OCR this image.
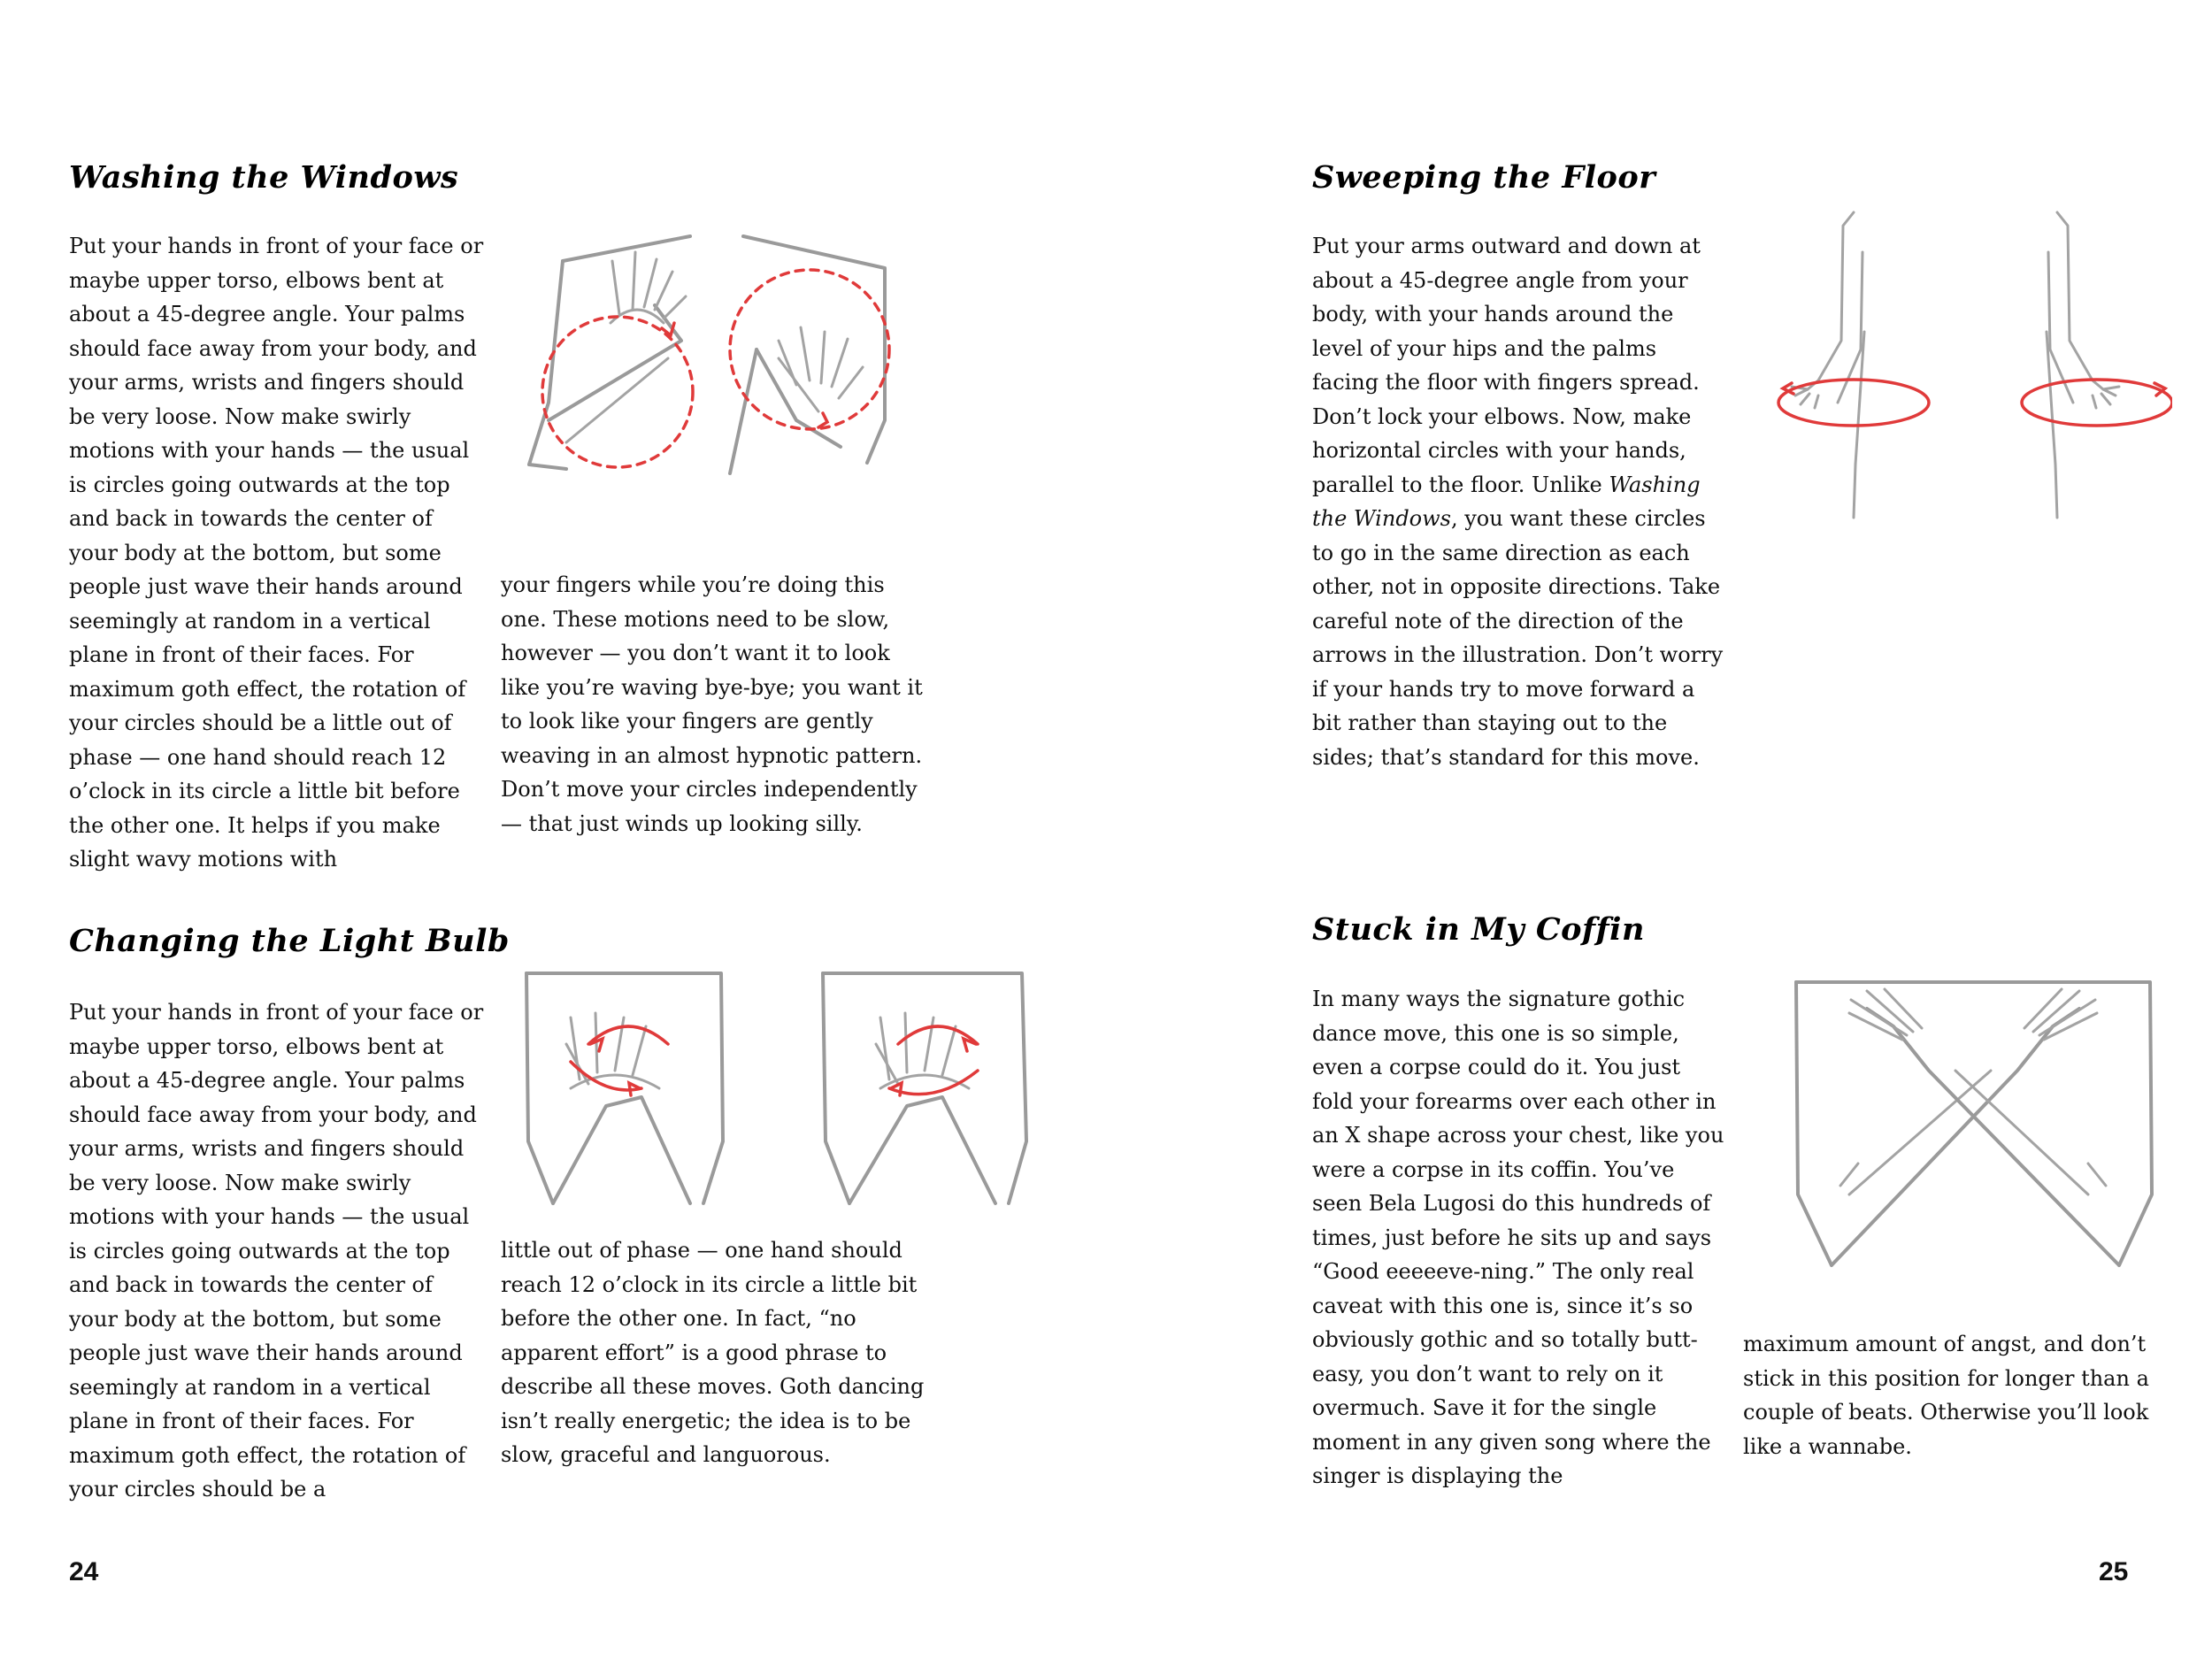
Washing the Windows

Put your hands in front of your face or maybe upper torso, elbows bent at about a 45-degree angle. Your palms should face away from your body, and your arms, wrists and fingers should be very loose. Now make swirly motions with your hands — the usual is circles going outwards at the top and back in towards the center of your body at the bottom, but some people just wave their hands around seemingly at random in a vertical plane in front of their faces. For maximum goth effect, the rotation of your circles should be a little out of phase — one hand should reach 12 o’clock in its circle a little bit before the other one. It helps if you make slight wavy motions with

your fingers while you’re doing this one. These motions need to be slow, however — you don’t want it to look like you’re waving bye-bye; you want it to look like your fingers are gently weaving in an almost hypnotic pattern. Don’t move your circles independently — that just winds up looking silly.

Changing the Light Bulb

Put your hands in front of your face or maybe upper torso, elbows bent at about a 45-degree angle. Your palms should face away from your body, and your arms, wrists and fingers should be very loose. Now make swirly motions with your hands — the usual is circles going outwards at the top and back in towards the center of your body at the bottom, but some people just wave their hands around seemingly at random in a vertical plane in front of their faces. For maximum goth effect, the rotation of your circles should be a

little out of phase — one hand should reach 12 o’clock in its circle a little bit before the other one. In fact, “no apparent effort” is a good phrase to describe all these moves. Goth dancing isn’t really energetic; the idea is to be slow, graceful and languorous.

24
Sweeping the Floor

Put your arms outward and down at about a 45-degree angle from your body, with your hands around the level of your hips and the palms facing the floor with fingers spread. Don’t lock your elbows. Now, make horizontal circles with your hands, parallel to the floor. Unlike Washing the Windows, you want these circles to go in the same direction as each other, not in opposite directions. Take careful note of the direction of the arrows in the illustration. Don’t worry if your hands try to move forward a bit rather than staying out to the sides; that’s standard for this move.

Stuck in My Coffin

In many ways the signature gothic dance move, this one is so simple, even a corpse could do it. You just fold your forearms over each other in an X shape across your chest, like you were a corpse in its coffin. You’ve seen Bela Lugosi do this hundreds of times, just before he sits up and says “Good eeeeeve-ning.” The only real caveat with this one is, since it’s so obviously gothic and so totally butt-easy, you don’t want to rely on it overmuch. Save it for the single moment in any given song where the singer is displaying the

maximum amount of angst, and don’t stick in this position for longer than a couple of beats. Otherwise you’ll look like a wannabe.

25
